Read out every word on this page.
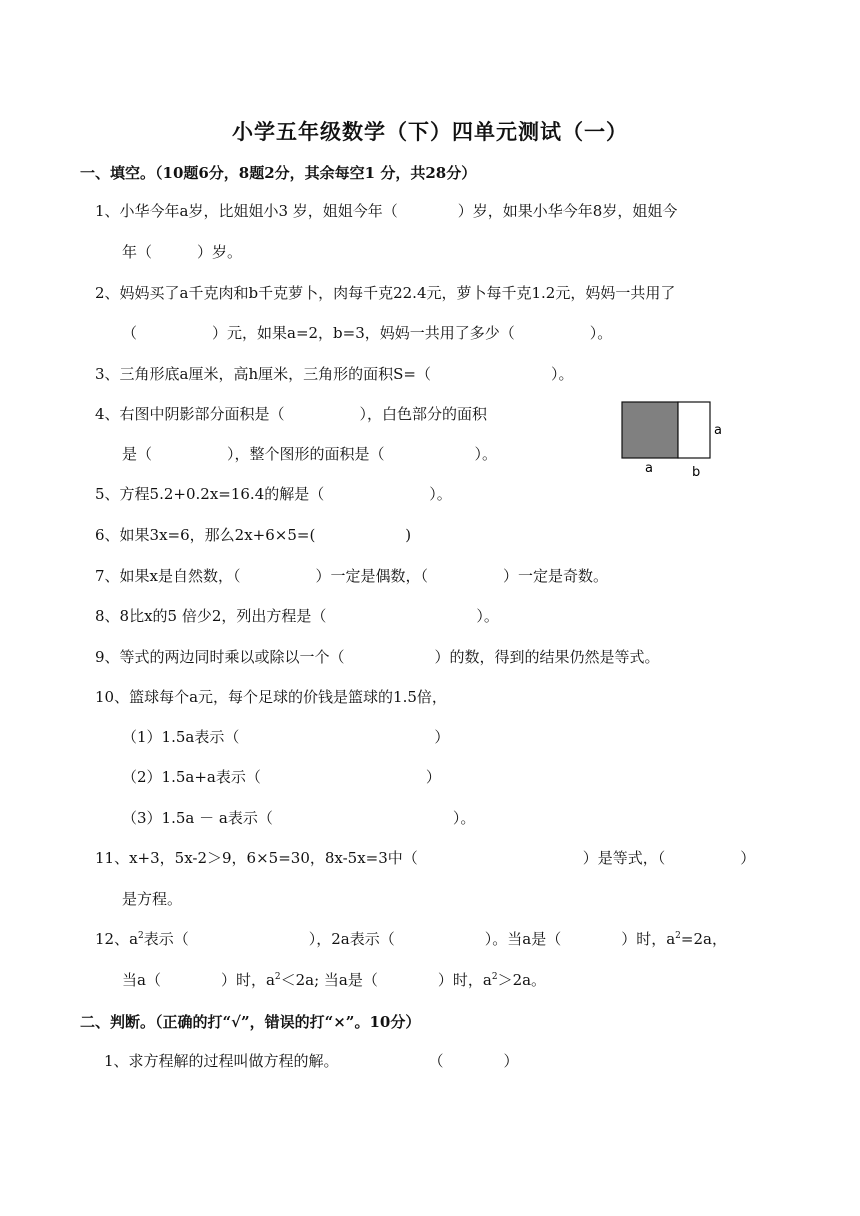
小学五年级数学（下）四单元测试（一）
一、填空。（10题6分，8题2分，其余每空1 分，共28分）
1、小华今年a岁，比姐姐小3 岁，姐姐今年（　　　　）岁，如果小华今年8岁，姐姐今
年（　　　）岁。
2、妈妈买了a千克肉和b千克萝卜，肉每千克22.4元，萝卜每千克1.2元，妈妈一共用了
（　　　　　）元，如果a=2，b=3，妈妈一共用了多少（　　　　　）。
3、三角形底a厘米，高h厘米，三角形的面积S=（　　　　　　　　）。
4、右图中阴影部分面积是（　　　　　），白色部分的面积
是（　　　　　），整个图形的面积是（　　　　　　）。
a
a	b
5、方程5.2+0.2x=16.4的解是（　　　　　　　）。
6、如果3x=6，那么2x+6×5=(　　　　　　)
7、如果x是自然数，（　　　　　）一定是偶数，（　　　　　）一定是奇数。
8、8比x的5 倍少2，列出方程是（　　　　　　　　　　）。
9、等式的两边同时乘以或除以一个（　　　　　　）的数，得到的结果仍然是等式。
10、篮球每个a元，每个足球的价钱是篮球的1.5倍，
（1）1.5a表示（　　　　　　　　　　　　　）
（2）1.5a+a表示（　　　　　　　　　　　）
（3）1.5a － a表示（　　　　　　　　　　　　）。
11、x+3，5x-2＞9，6×5=30，8x-5x=3中（　　　　　　　　　　　）是等式，（　　　　　）
是方程。
12、$a^2$表示（　　　　　　　　），2a表示（　　　　　　）。当a是（　　　　）时，$a^2=2a$，
当a（　　　　）时，$a^2<2a$; 当a是（　　　　）时，$a^2>2a$。
二、判断。（正确的打“√”，错误的打“×”。10分）
1、求方程解的过程叫做方程的解。　　　　　　　（　　　　）
